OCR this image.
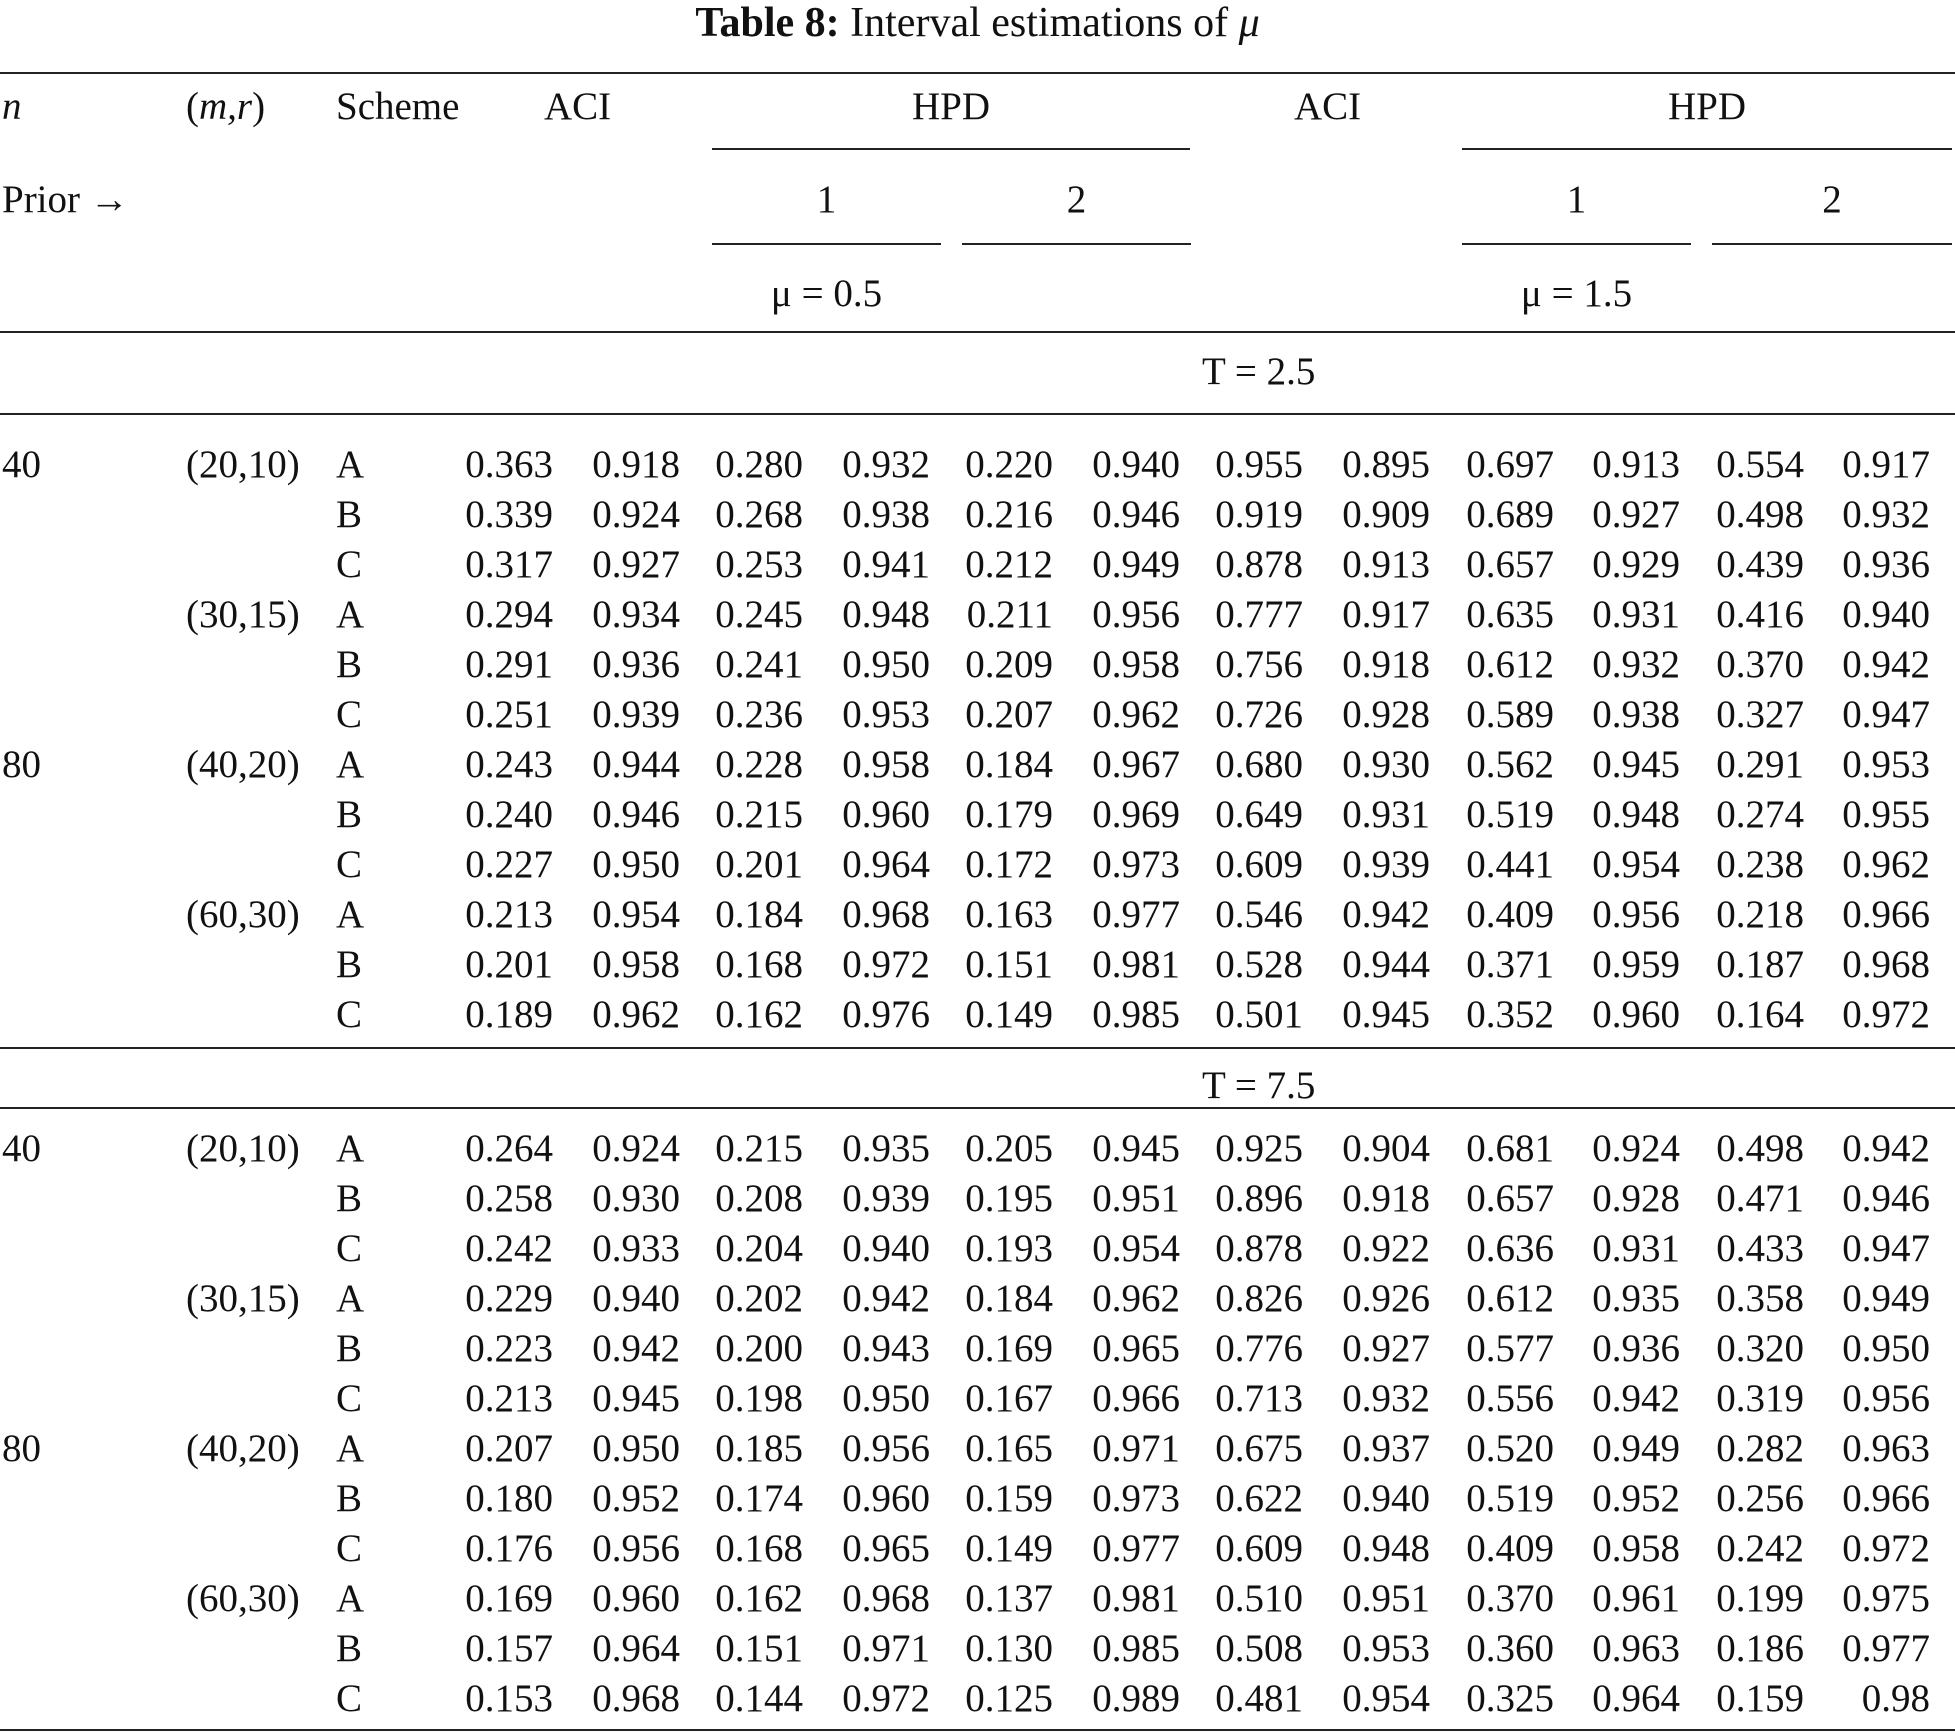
Table 8: Interval estimations of μ
n	(m,r) Scheme ACI	HPD	ACI	HPD
Prior →	1	2	1	2
μ = 0.5	μ = 1.5
T = 2.5
T = 7.5
40	(20,10) A	0.363	0.918 0.280	0.932 0.220	0.940 0.955	0.895 0.697 0.913 0.554 0.917
B	0.339	0.924 0.268	0.938 0.216	0.946 0.919	0.909 0.689 0.927 0.498 0.932
C	0.317	0.927 0.253	0.941 0.212	0.949 0.878	0.913 0.657 0.929 0.439 0.936
(30,15) A	0.294	0.934 0.245	0.948 0.211	0.956 0.777	0.917 0.635 0.931 0.416 0.940
B	0.291	0.936 0.241	0.950 0.209	0.958 0.756	0.918 0.612 0.932 0.370 0.942
C	0.251	0.939 0.236	0.953 0.207	0.962 0.726	0.928 0.589 0.938 0.327 0.947
80	(40,20) A	0.243	0.944 0.228	0.958 0.184	0.967 0.680	0.930 0.562 0.945 0.291 0.953
B	0.240	0.946 0.215	0.960 0.179	0.969 0.649	0.931 0.519 0.948 0.274 0.955
C	0.227	0.950 0.201	0.964 0.172	0.973 0.609	0.939 0.441 0.954 0.238 0.962
(60,30) A	0.213	0.954 0.184	0.968 0.163	0.977 0.546	0.942 0.409 0.956 0.218 0.966
B	0.201	0.958 0.168	0.972 0.151	0.981 0.528	0.944 0.371 0.959 0.187 0.968
C	0.189	0.962 0.162	0.976 0.149	0.985 0.501	0.945 0.352 0.960 0.164 0.972
40	(20,10) A	0.264	0.924 0.215	0.935 0.205	0.945 0.925	0.904 0.681 0.924 0.498 0.942
B	0.258	0.930 0.208	0.939 0.195	0.951 0.896	0.918 0.657 0.928 0.471 0.946
C	0.242	0.933 0.204	0.940 0.193	0.954 0.878	0.922 0.636 0.931 0.433 0.947
(30,15) A	0.229	0.940 0.202	0.942 0.184	0.962 0.826	0.926 0.612 0.935 0.358 0.949
B	0.223	0.942 0.200	0.943 0.169	0.965 0.776	0.927 0.577 0.936 0.320 0.950
C	0.213	0.945 0.198	0.950 0.167	0.966 0.713	0.932 0.556 0.942 0.319 0.956
80	(40,20) A	0.207	0.950 0.185	0.956 0.165	0.971 0.675	0.937 0.520 0.949 0.282 0.963
B	0.180	0.952 0.174	0.960 0.159	0.973 0.622	0.940 0.519 0.952 0.256 0.966
C	0.176	0.956 0.168	0.965 0.149	0.977 0.609	0.948 0.409 0.958 0.242 0.972
(60,30) A	0.169	0.960 0.162	0.968 0.137	0.981 0.510	0.951 0.370 0.961 0.199 0.975
B	0.157	0.964 0.151	0.971 0.130	0.985 0.508	0.953 0.360 0.963 0.186 0.977
C	0.153	0.968 0.144	0.972 0.125	0.989 0.481	0.954 0.325 0.964 0.159	0.98
